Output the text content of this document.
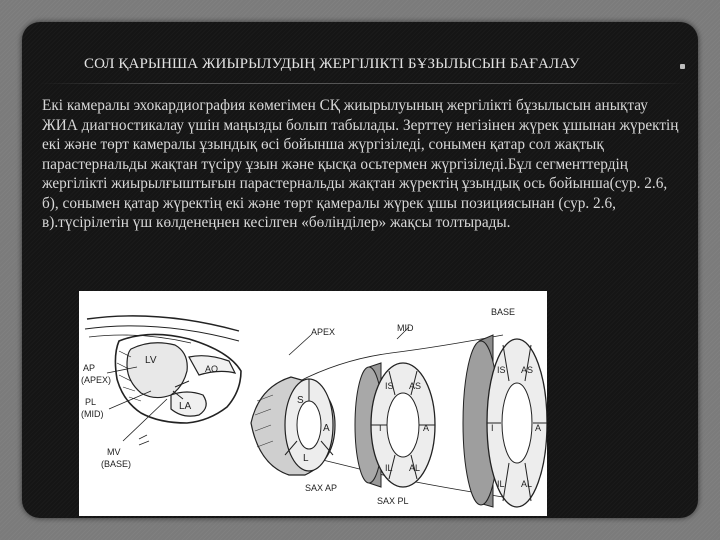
СОЛ ҚАРЫНША ЖИЫРЫЛУДЫҢ ЖЕРГІЛІКТІ БҰЗЫЛЫСЫН БАҒАЛАУ
Екі камералы эхокардиография көмегімен СҚ жиырылуының жергілікті бұзылысын анықтау ЖИА диагностикалау үшін маңызды болып табылады. Зерттеу негізінен жүрек ұшынан жүректің екі және төрт камералы ұзындық өсі бойынша жүргізіледі, сонымен қатар сол жақтық парастернальды жақтан түсіру ұзын және қысқа осьтермен жүргізіледі.Бұл сегменттердің жергілікті жиырылғыштығын парастернальды жақтан жүректің ұзындық ось бойынша(сур. 2.6, б), сонымен қатар жүректің екі және төрт қамералы жүрек ұшы позициясынан (сур. 2.6, в).түсірілетін үш көлденеңнен кесілген «бөлінділер» жақсы толтырады.
LV
AO
LA
AP
(APEX)
PL
(MID)
MV
(BASE)
S
A
L
IS AS
I	A
IL AL
IS AS
I	A
IL AL
APEX	MID
BASE
SAX AP
SAX PL
